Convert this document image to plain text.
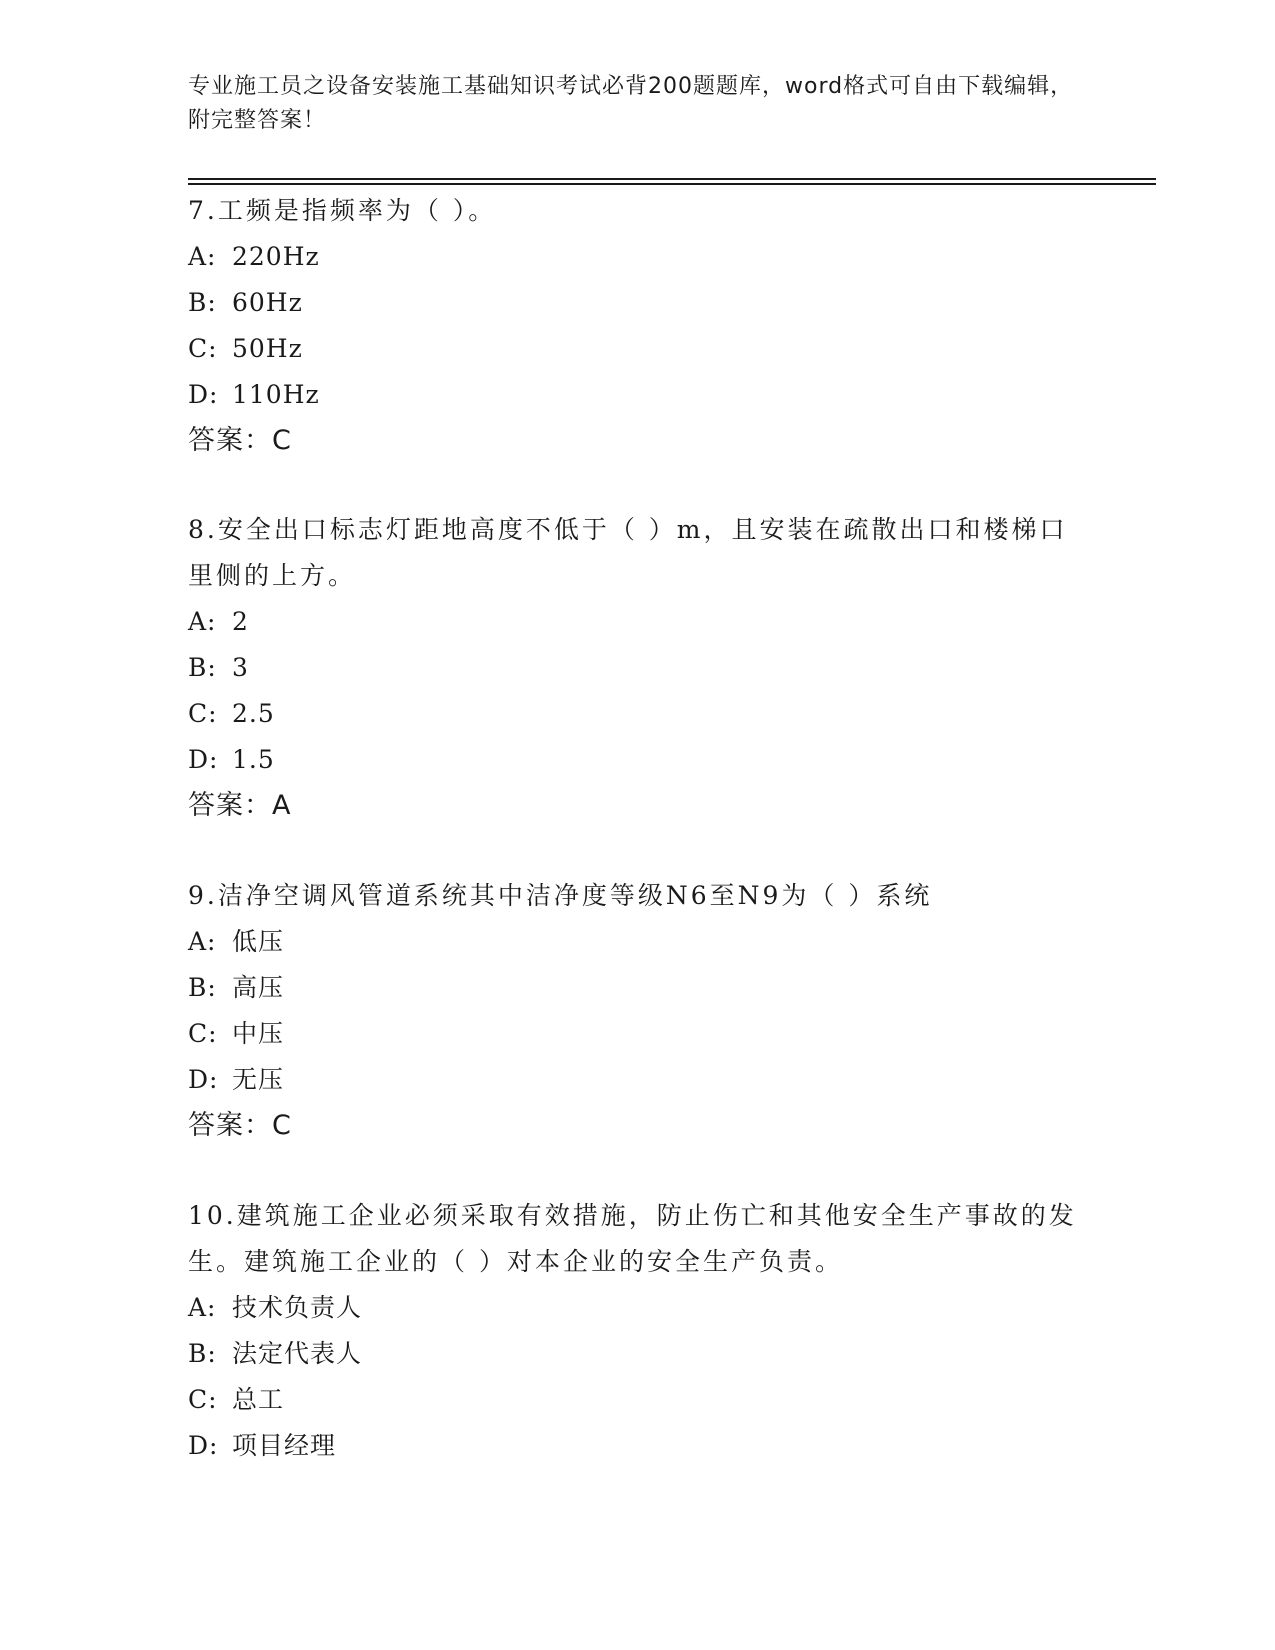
专业施工员之设备安装施工基础知识考试必背200题题库，word格式可自由下载编辑，附完整答案！

7.工频是指频率为（ ）。

A: 220Hz
B: 60Hz
C: 50Hz
D: 110Hz
答案：C

8.安全出口标志灯距地高度不低于（ ）m，且安装在疏散出口和楼梯口里侧的上方。

A: 2
B: 3
C: 2.5
D: 1.5
答案：A

9.洁净空调风管道系统其中洁净度等级N6至N9为（ ）系统

A: 低压
B: 高压
C: 中压
D: 无压
答案：C

10.建筑施工企业必须采取有效措施，防止伤亡和其他安全生产事故的发生。建筑施工企业的（ ）对本企业的安全生产负责。

A: 技术负责人
B: 法定代表人
C: 总工
D: 项目经理
